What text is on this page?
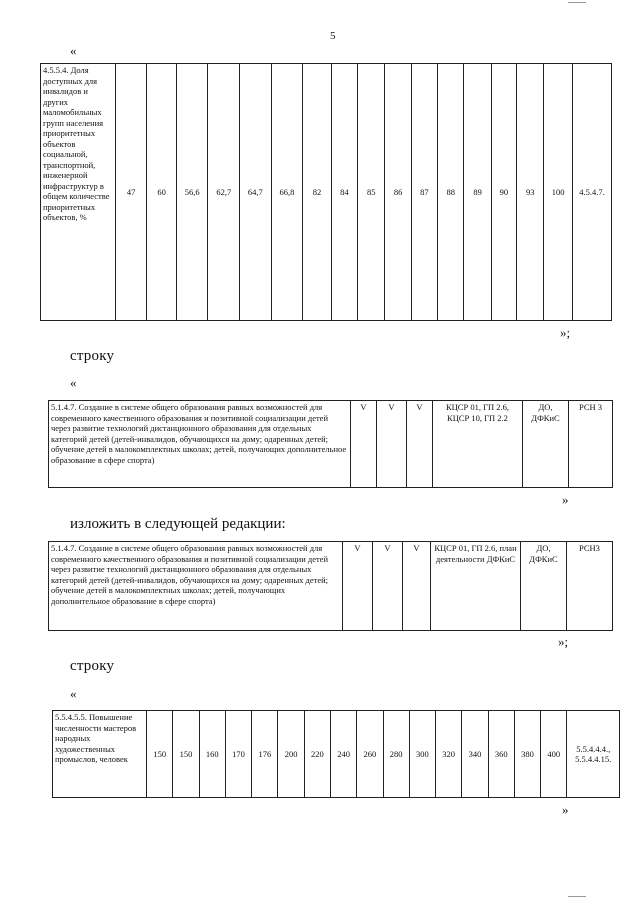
5
«
4.5.5.4. Доля доступных для инвалидов и других маломобильных групп населения приоритетных объектов социальной, транспортной, инженерной инфраструктур в общем количестве приоритетных объектов, %	47	60	56,6	62,7	64,7	66,8	82	84	85	86	87	88	89	90	93	100	4.5.4.7.
»;
строку
«
5.1.4.7. Создание в системе общего образования равных возможностей для современного качественного образования и позитивной социализации детей через развитие технологий дистанционного образования для отдельных категорий детей (детей-инвалидов, обучающихся на дому; одаренных детей; обучение детей в малокомплектных школах; детей, получающих дополнительное образование в сфере спорта)	V	V	V	КЦСР 01, ГП 2.6, КЦСР 10, ГП 2.2	ДО, ДФКиС	РСН 3
»
изложить в следующей редакции:
5.1.4.7. Создание в системе общего образования равных возможностей для современного качественного образования и позитивной социализации детей через развитие технологий дистанционного образования для отдельных категорий детей (детей-инвалидов, обучающихся на дому; одаренных детей; обучение детей в малокомплектных школах; детей, получающих дополнительное образование в сфере спорта)	V	V	V	КЦСР 01, ГП 2.6, план деятельности ДФКиС	ДО, ДФКиС	РСН3
»;
строку
«
5.5.4.5.5. Повышение численности мастеров народных художественных промыслов, человек	150	150	160	170	176	200	220	240	260	280	300	320	340	360	380	400	5.5.4.4.4., 5.5.4.4.15.
»
